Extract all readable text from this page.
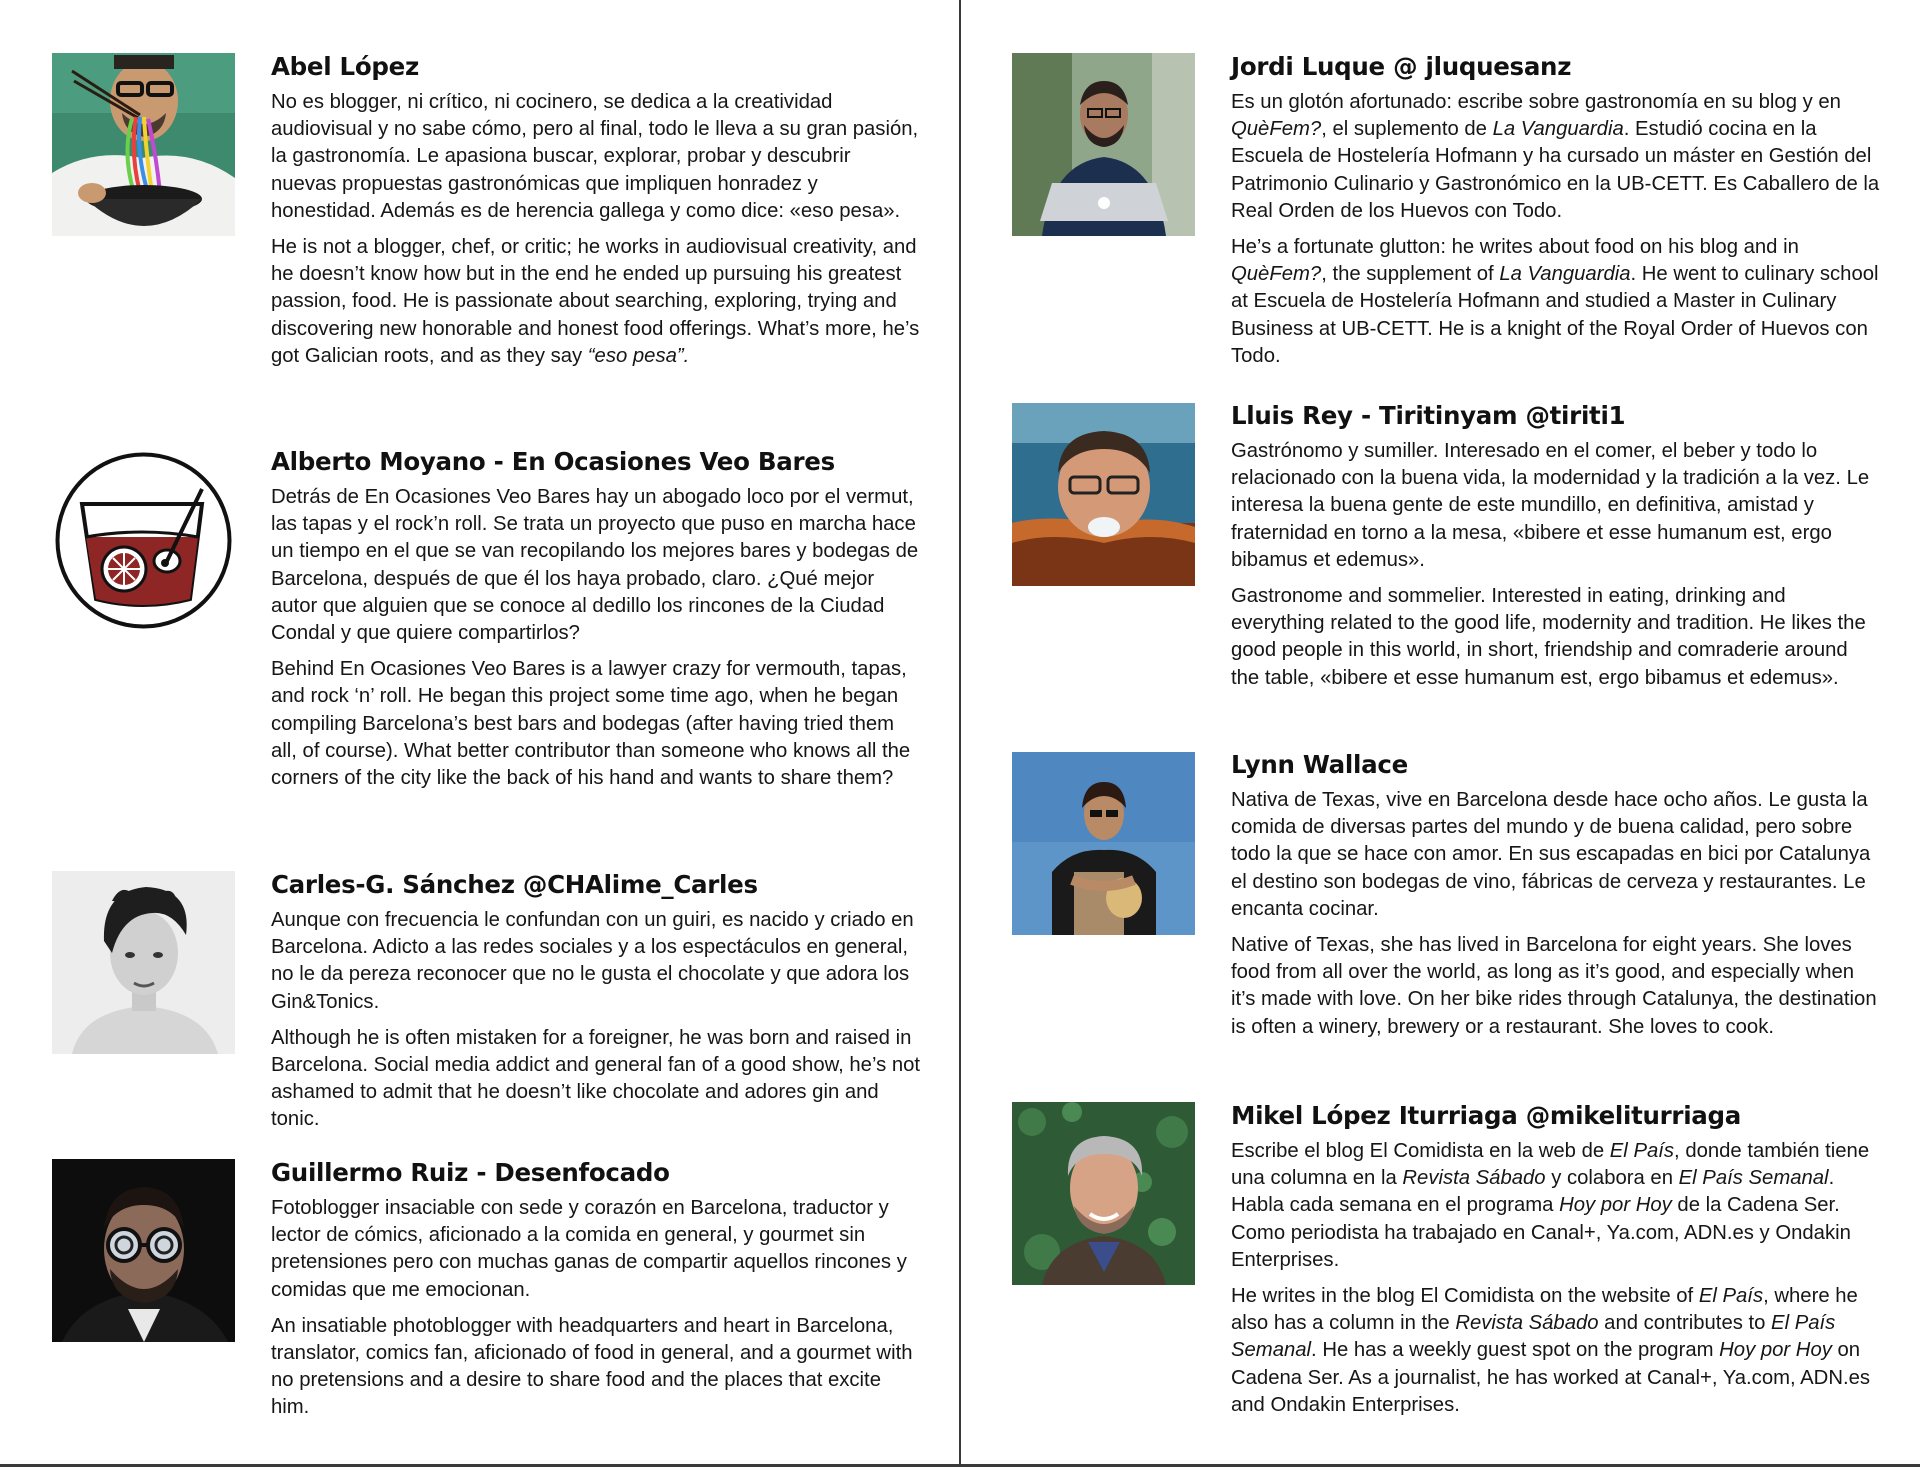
Abel López

No es blogger, ni crítico, ni cocinero, se dedica a la creatividad audiovisual y no sabe cómo, pero al final, todo le lleva a su gran pasión, la gastronomía. Le apasiona buscar, explorar, probar y descubrir nuevas propuestas gastronómicas que impliquen honradez y honestidad. Además es de herencia gallega y como dice: «eso pesa».

He is not a blogger, chef, or critic; he works in audiovisual creativity, and he doesn’t know how but in the end he ended up pursuing his greatest passion, food. He is passionate about searching, exploring, trying and discovering new honorable and honest food offerings. What’s more, he’s got Galician roots, and as they say “eso pesa”.

Alberto Moyano - En Ocasiones Veo Bares

Detrás de En Ocasiones Veo Bares hay un abogado loco por el vermut, las tapas y el rock’n roll. Se trata un proyecto que puso en marcha hace un tiempo en el que se van recopilando los mejores bares y bodegas de Barcelona, después de que él los haya probado, claro. ¿Qué mejor autor que alguien que se conoce al dedillo los rincones de la Ciudad Condal y que quiere compartirlos?

Behind En Ocasiones Veo Bares is a lawyer crazy for vermouth, tapas, and rock ‘n’ roll. He began this project some time ago, when he began compiling Barcelona’s best bars and bodegas (after having tried them all, of course). What better contributor than someone who knows all the corners of the city like the back of his hand and wants to share them?

Carles-G. Sánchez @CHAlime_Carles

Aunque con frecuencia le confundan con un guiri, es nacido y criado en Barcelona. Adicto a las redes sociales y a los espectáculos en general, no le da pereza reconocer que no le gusta el chocolate y que adora los Gin&Tonics.

Although he is often mistaken for a foreigner, he was born and raised in Barcelona. Social media addict and general fan of a good show, he’s not ashamed to admit that he doesn’t like chocolate and adores gin and tonic.

Guillermo Ruiz - Desenfocado

Fotoblogger insaciable con sede y corazón en Barcelona, traductor y lector de cómics, aficionado a la comida en general, y gourmet sin pretensiones pero con muchas ganas de compartir aquellos rincones y comidas que me emocionan.

An insatiable photoblogger with headquarters and heart in Barcelona, translator, comics fan, aficionado of food in general, and a gourmet with no pretensions and a desire to share food and the places that excite him.

Jordi Luque @ jluquesanz

Es un glotón afortunado: escribe sobre gastronomía en su blog y en QuèFem?, el suplemento de La Vanguardia. Estudió cocina en la Escuela de Hostelería Hofmann y ha cursado un máster en Gestión del Patrimonio Culinario y Gastronómico en la UB-CETT. Es Caballero de la Real Orden de los Huevos con Todo.

He’s a fortunate glutton: he writes about food on his blog and in QuèFem?, the supplement of La Vanguardia. He went to culinary school at Escuela de Hostelería Hofmann and studied a Master in Culinary Business at UB-CETT. He is a knight of the Royal Order of Huevos con Todo.

Lluis Rey - Tiritinyam @tiriti1

Gastrónomo y sumiller. Interesado en el comer, el beber y todo lo relacionado con la buena vida, la modernidad y la tradición a la vez. Le interesa la buena gente de este mundillo, en definitiva, amistad y fraternidad en torno a la mesa, «bibere et esse humanum est, ergo bibamus et edemus».

Gastronome and sommelier. Interested in eating, drinking and everything related to the good life, modernity and tradition. He likes the good people in this world, in short, friendship and comraderie around the table, «bibere et esse humanum est, ergo bibamus et edemus».

Lynn Wallace

Nativa de Texas, vive en Barcelona desde hace ocho años. Le gusta la comida de diversas partes del mundo y de buena calidad, pero sobre todo la que se hace con amor. En sus escapadas en bici por Catalunya el destino son bodegas de vino, fábricas de cerveza y restaurantes. Le encanta cocinar.

Native of Texas, she has lived in Barcelona for eight years. She loves food from all over the world, as long as it’s good, and especially when it’s made with love. On her bike rides through Catalunya, the destination is often a winery, brewery or a restaurant. She loves to cook.

Mikel López Iturriaga @mikeliturriaga

Escribe el blog El Comidista en la web de El País, donde también tiene una columna en la Revista Sábado y colabora en El País Semanal. Habla cada semana en el programa Hoy por Hoy de la Cadena Ser. Como periodista ha trabajado en Canal+, Ya.com, ADN.es y Ondakin Enterprises.

He writes in the blog El Comidista on the website of El País, where he also has a column in the Revista Sábado and contributes to El País Semanal. He has a weekly guest spot on the program Hoy por Hoy on Cadena Ser. As a journalist, he has worked at Canal+, Ya.com, ADN.es and Ondakin Enterprises.
